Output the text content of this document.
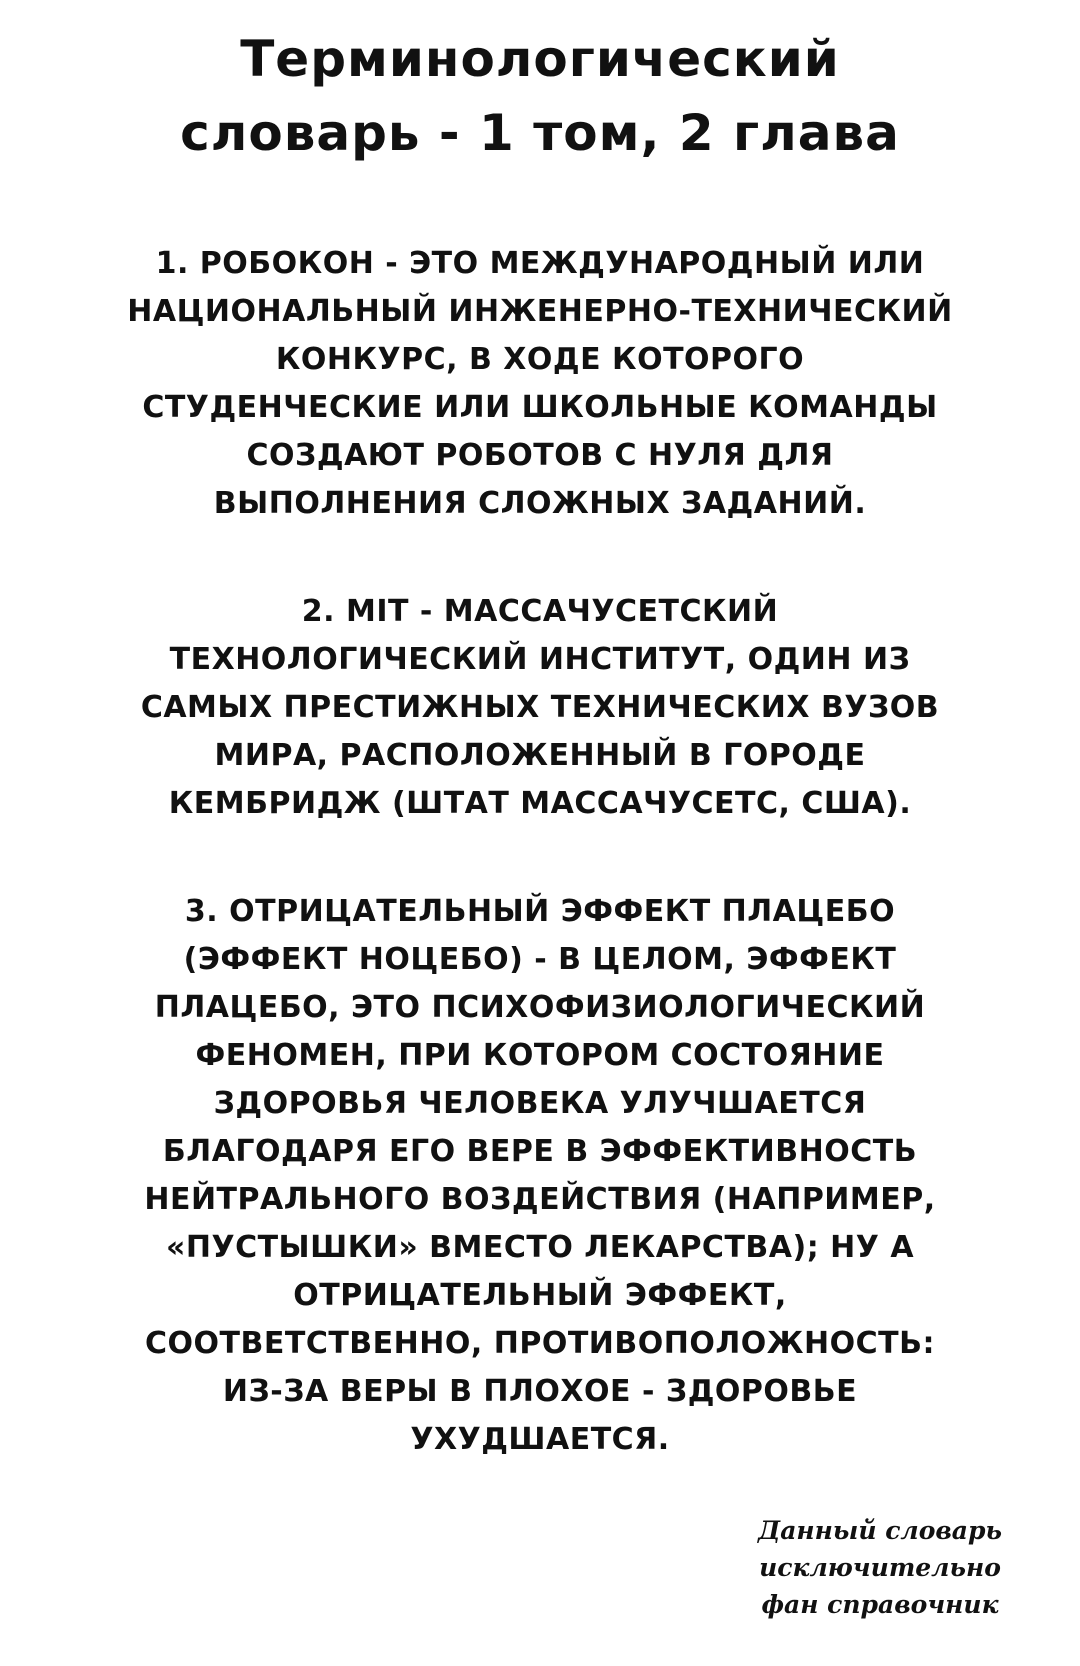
Терминологический
словарь - 1 том, 2 глава

1. РОБОКОН - ЭТО МЕЖДУНАРОДНЫЙ ИЛИ
НАЦИОНАЛЬНЫЙ ИНЖЕНЕРНО-ТЕХНИЧЕСКИЙ
КОНКУРС, В ХОДЕ КОТОРОГО
СТУДЕНЧЕСКИЕ ИЛИ ШКОЛЬНЫЕ КОМАНДЫ
СОЗДАЮТ РОБОТОВ С НУЛЯ ДЛЯ
ВЫПОЛНЕНИЯ СЛОЖНЫХ ЗАДАНИЙ.

2. MIT - МАССАЧУСЕТСКИЙ
ТЕХНОЛОГИЧЕСКИЙ ИНСТИТУТ, ОДИН ИЗ
САМЫХ ПРЕСТИЖНЫХ ТЕХНИЧЕСКИХ ВУЗОВ
МИРА, РАСПОЛОЖЕННЫЙ В ГОРОДЕ
КЕМБРИДЖ (ШТАТ МАССАЧУСЕТС, США).

3. ОТРИЦАТЕЛЬНЫЙ ЭФФЕКТ ПЛАЦЕБО
(ЭФФЕКТ НОЦЕБО) - В ЦЕЛОМ, ЭФФЕКТ
ПЛАЦЕБО, ЭТО ПСИХОФИЗИОЛОГИЧЕСКИЙ
ФЕНОМЕН, ПРИ КОТОРОМ СОСТОЯНИЕ
ЗДОРОВЬЯ ЧЕЛОВЕКА УЛУЧШАЕТСЯ
БЛАГОДАРЯ ЕГО ВЕРЕ В ЭФФЕКТИВНОСТЬ
НЕЙТРАЛЬНОГО ВОЗДЕЙСТВИЯ (НАПРИМЕР,
«ПУСТЫШКИ» ВМЕСТО ЛЕКАРСТВА); НУ А
ОТРИЦАТЕЛЬНЫЙ ЭФФЕКТ,
СООТВЕТСТВЕННО, ПРОТИВОПОЛОЖНОСТЬ:
ИЗ-ЗА ВЕРЫ В ПЛОХОЕ - ЗДОРОВЬЕ
УХУДШАЕТСЯ.

Данный словарь
исключительно
фан справочник
